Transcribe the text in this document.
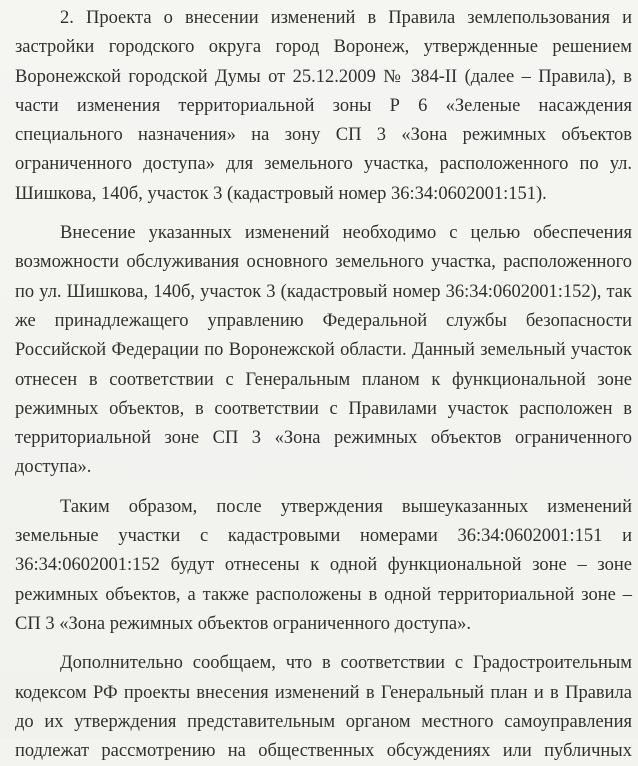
2. Проекта о внесении изменений в Правила землепользования и застройки городского округа город Воронеж, утвержденные решением Воронежской городской Думы от 25.12.2009 № 384-II (далее – Правила), в части изменения территориальной зоны Р 6 «Зеленые насаждения специального назначения» на зону СП 3 «Зона режимных объектов ограниченного доступа» для земельного участка, расположенного по ул. Шишкова, 140б, участок 3 (кадастровый номер 36:34:0602001:151).

Внесение указанных изменений необходимо с целью обеспечения возможности обслуживания основного земельного участка, расположенного по ул. Шишкова, 140б, участок 3 (кадастровый номер 36:34:0602001:152), так же принадлежащего управлению Федеральной службы безопасности Российской Федерации по Воронежской области. Данный земельный участок отнесен в соответствии с Генеральным планом к функциональной зоне режимных объектов, в соответствии с Правилами участок расположен в территориальной зоне СП 3 «Зона режимных объектов ограниченного доступа».

Таким образом, после утверждения вышеуказанных изменений земельные участки с кадастровыми номерами 36:34:0602001:151 и 36:34:0602001:152 будут отнесены к одной функциональной зоне – зоне режимных объектов, а также расположены в одной территориальной зоне – СП 3 «Зона режимных объектов ограниченного доступа».

Дополнительно сообщаем, что в соответствии с Градостроительным кодексом РФ проекты внесения изменений в Генеральный план и в Правила до их утверждения представительным органом местного самоуправления подлежат рассмотрению на общественных обсуждениях или публичных
